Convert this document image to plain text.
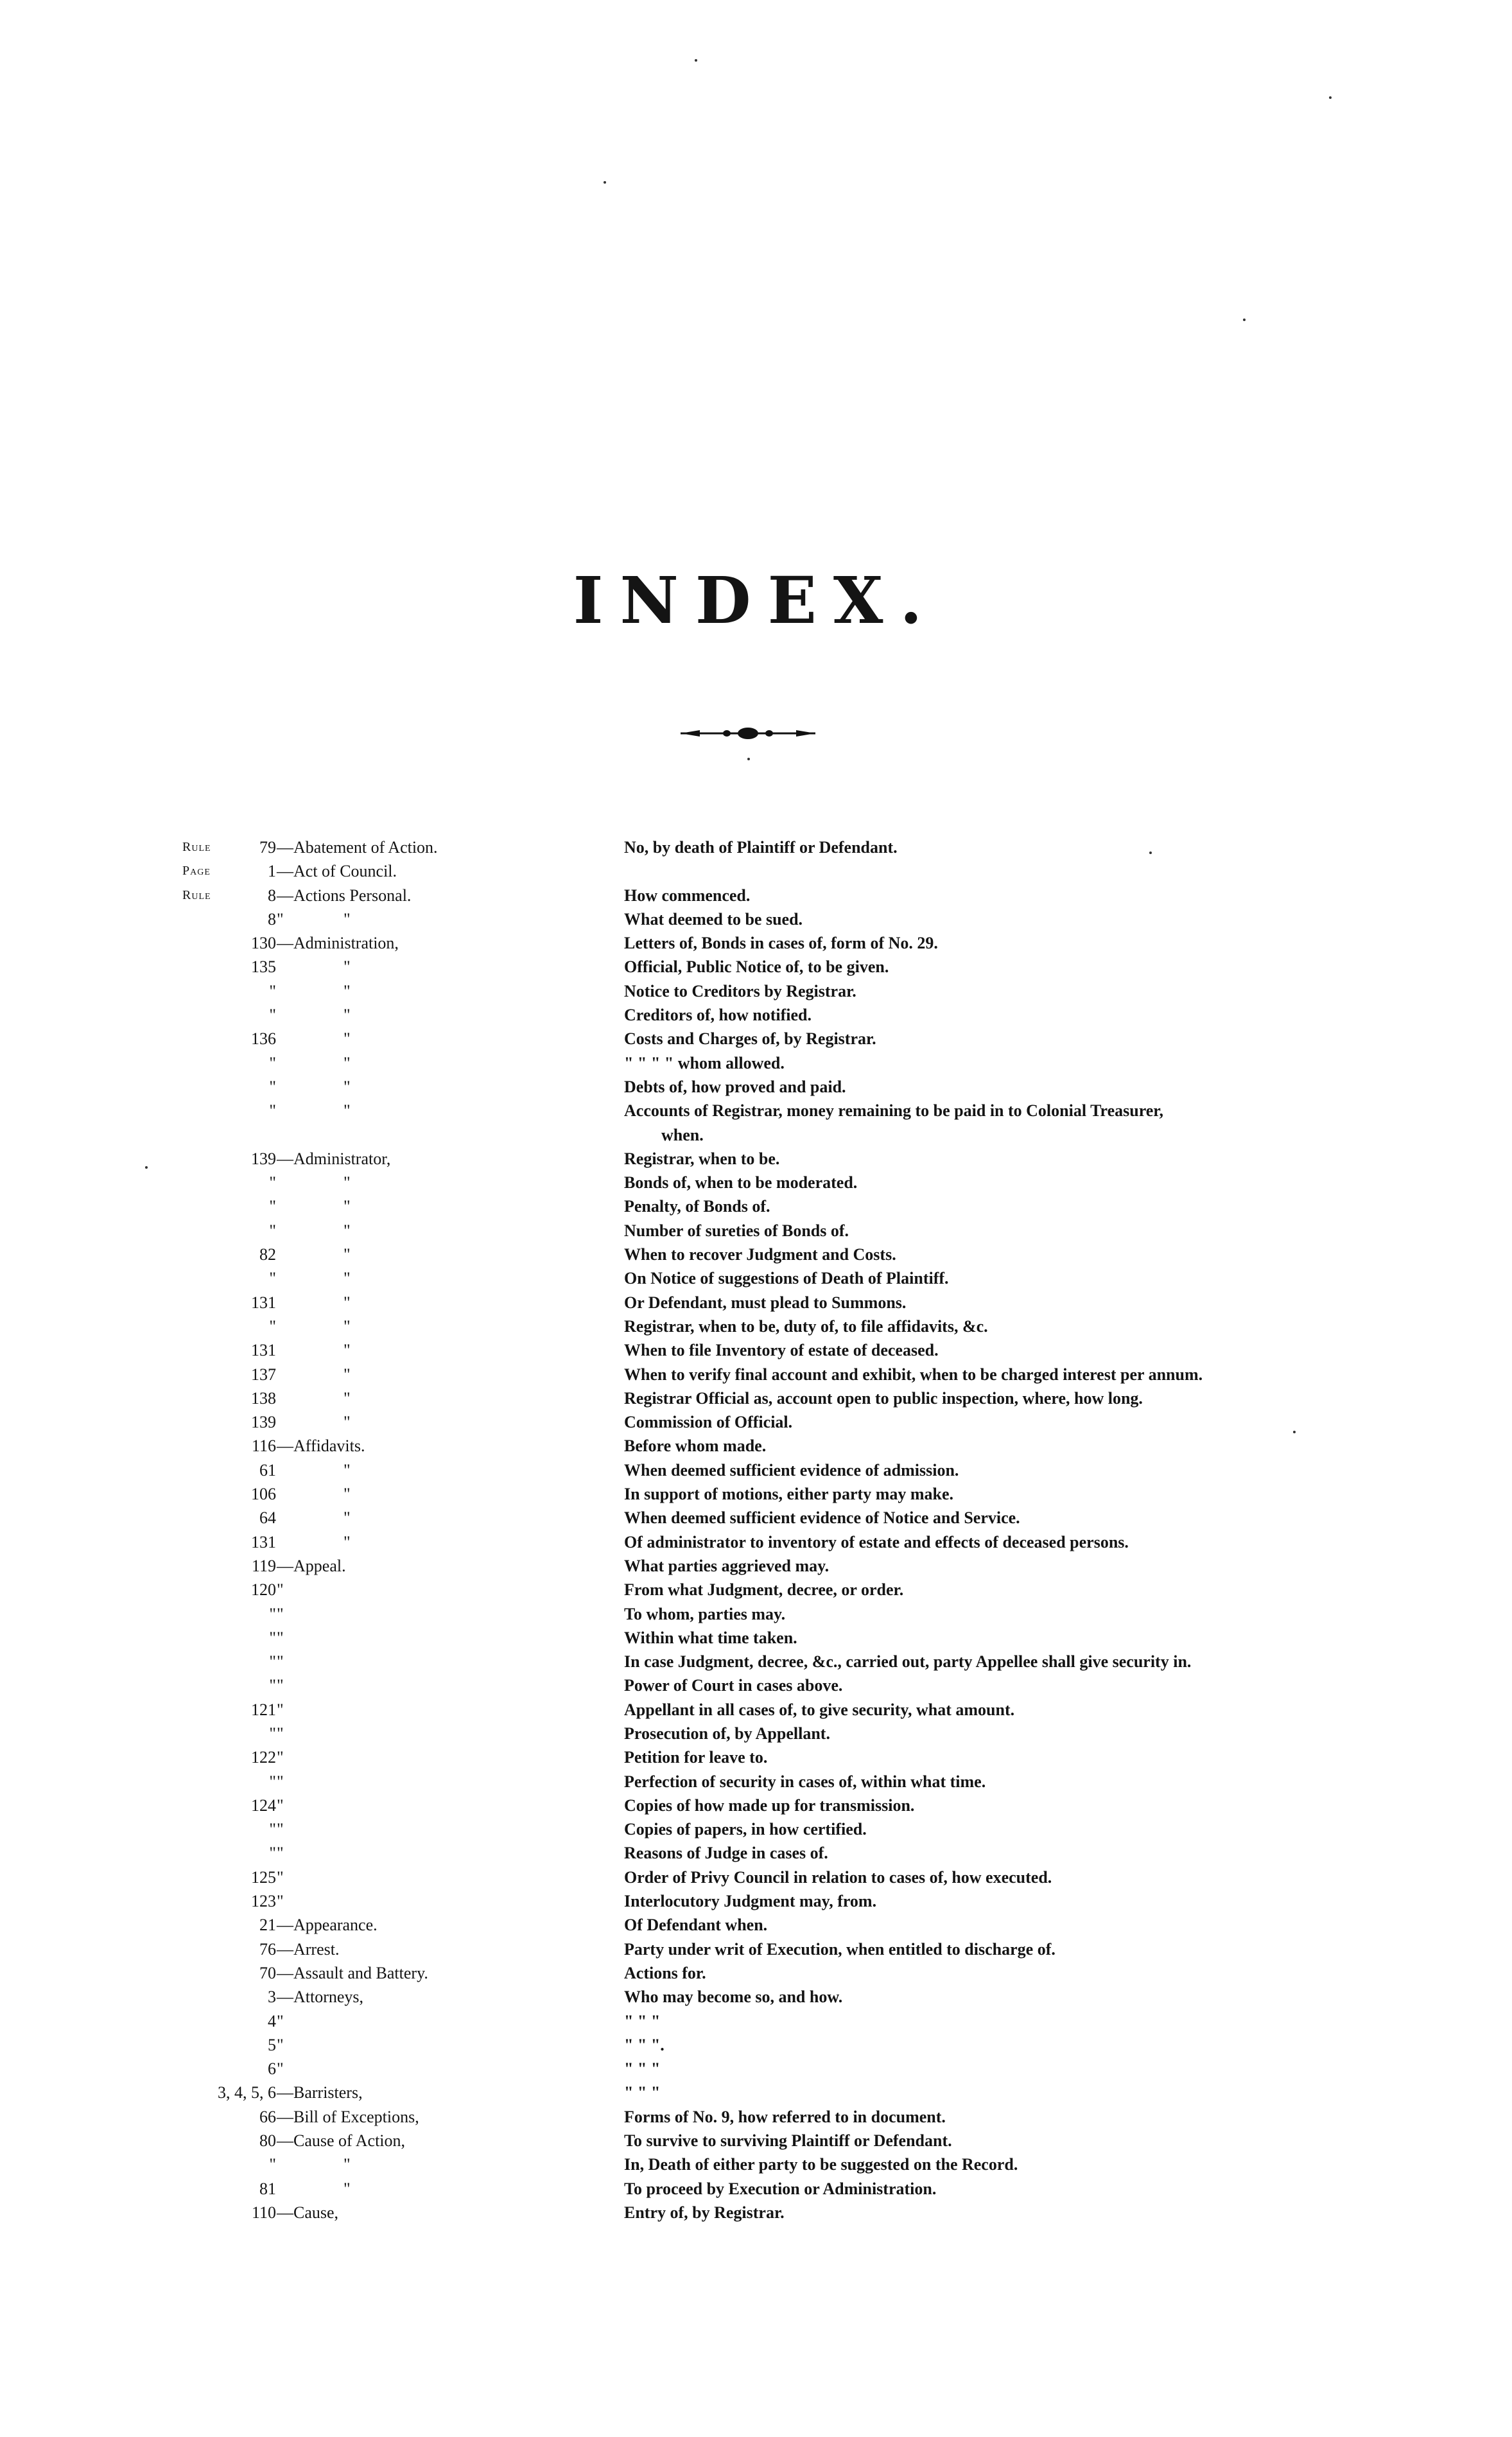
INDEX.
Rule	79 —Abatement of Action.	No, by death of Plaintiff or Defendant.
Page	1 —Act of Council.
Rule	8 —Actions Personal.	How commenced.
8 "	"	What deemed to be sued.
130 —Administration,	Letters of, Bonds in cases of, form of No. 29.
135	"	Official, Public Notice of, to be given.
"	"	Notice to Creditors by Registrar.
"	"	Creditors of, how notified.
136	"	Costs and Charges of, by Registrar.
"	"	" " " " whom allowed.
"	"	Debts of, how proved and paid.
"	"	Accounts of Registrar, money remaining to be paid in to Colonial Treasurer,
when.
139 —Administrator,	Registrar, when to be.
"	"	Bonds of, when to be moderated.
"	"	Penalty, of Bonds of.
"	"	Number of sureties of Bonds of.
82	"	When to recover Judgment and Costs.
"	"	On Notice of suggestions of Death of Plaintiff.
131	"	Or Defendant, must plead to Summons.
"	"	Registrar, when to be, duty of, to file affidavits, &c.
131	"	When to file Inventory of estate of deceased.
137	"	When to verify final account and exhibit, when to be charged interest per annum.
138	"	Registrar Official as, account open to public inspection, where, how long.
139	"	Commission of Official.
116 —Affidavits.	Before whom made.
61	"	When deemed sufficient evidence of admission.
106	"	In support of motions, either party may make.
64	"	When deemed sufficient evidence of Notice and Service.
131	"	Of administrator to inventory of estate and effects of deceased persons.
119 —Appeal.	What parties aggrieved may.
120 "	From what Judgment, decree, or order.
" "	To whom, parties may.
" "	Within what time taken.
" "	In case Judgment, decree, &c., carried out, party Appellee shall give security in.
" "	Power of Court in cases above.
121 "	Appellant in all cases of, to give security, what amount.
" "	Prosecution of, by Appellant.
122 "	Petition for leave to.
" "	Perfection of security in cases of, within what time.
124 "	Copies of how made up for transmission.
" "	Copies of papers, in how certified.
" "	Reasons of Judge in cases of.
125 "	Order of Privy Council in relation to cases of, how executed.
123 "	Interlocutory Judgment may, from.
21 —Appearance.	Of Defendant when.
76 —Arrest.	Party under writ of Execution, when entitled to discharge of.
70 —Assault and Battery.	Actions for.
3 —Attorneys,	Who may become so, and how.
4 "	" " "
5 "	" " ".
6 "	" " "
3, 4, 5, 6 —Barristers,	" " "
66 —Bill of Exceptions,	Forms of No. 9, how referred to in document.
80 —Cause of Action,	To survive to surviving Plaintiff or Defendant.
"	"	In, Death of either party to be suggested on the Record.
81	"	To proceed by Execution or Administration.
110 —Cause,	Entry of, by Registrar.
